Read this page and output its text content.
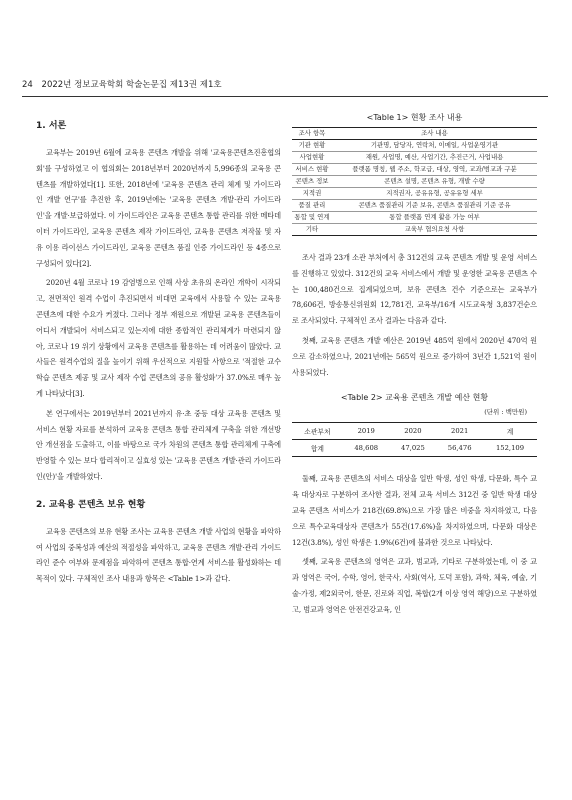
24 2022년 정보교육학회 학술논문집 제13권 제1호
1. 서론

교육부는 2019년 6월에 교육용 콘텐츠 개발을 위해 '교육용콘텐츠진흥협의회'를 구성하였고 이 협의회는 2018년부터 2020년까지 5,996종의 교육용 콘텐츠를 개발하였다[1]. 또한, 2018년에 '교육용 콘텐츠 관리 체계 및 가이드라인 개발 연구'를 추진한 후, 2019년에는 '교육용 콘텐츠 개발·관리 가이드라인'을 개발·보급하였다. 이 가이드라인은 교육용 콘텐츠 통합 관리를 위한 메타데이터 가이드라인, 교육용 콘텐츠 제작 가이드라인, 교육용 콘텐츠 저작물 및 자유 이용 라이선스 가이드라인, 교육용 콘텐츠 품질 인증 가이드라인 등 4종으로 구성되어 있다[2].

2020년 4월 코로나 19 감염병으로 인해 사상 초유의 온라인 개학이 시작되고, 전면적인 원격 수업이 추진되면서 비대면 교육에서 사용할 수 있는 교육용 콘텐츠에 대한 수요가 커졌다. 그러나 정부 재원으로 개발된 교육용 콘텐츠들이 어디서 개발되어 서비스되고 있는지에 대한 종합적인 관리체계가 마련되지 않아, 코로나 19 위기 상황에서 교육용 콘텐츠를 활용하는 데 어려움이 많았다. 교사들은 원격수업의 질을 높이기 위해 우선적으로 지원할 사항으로 '적절한 교수학습 콘텐츠 제공 및 교사 제작 수업 콘텐츠의 공유 활성화'가 37.0%로 매우 높게 나타났다[3].

본 연구에서는 2019년부터 2021년까지 유·초 중등 대상 교육용 콘텐츠 및 서비스 현황 자료를 분석하여 교육용 콘텐츠 통합 관리체계 구축을 위한 개선방안 개선점을 도출하고, 이를 바탕으로 국가 차원의 콘텐츠 통합 관리체계 구축에 반영할 수 있는 보다 합리적이고 실효성 있는 '교육용 콘텐츠 개발·관리 가이드라인(안)'을 개발하였다.

2. 교육용 콘텐츠 보유 현황

교육용 콘텐츠의 보유 현황 조사는 교육용 콘텐츠 개발 사업의 현황을 파악하여 사업의 중복성과 예산의 적절성을 파악하고, 교육용 콘텐츠 개발·관리 가이드라인 준수 여부와 문제점을 파악하여 콘텐츠 통합·연계 서비스를 활성화하는 데 목적이 있다. 구체적인 조사 내용과 항목은 <Table 1>과 같다.

<Table 1> 현황 조사 내용
조사 항목	조사 내용
기관 현황	기관명, 담당자, 연락처, 이메일, 사업운영기관
사업현황	재원, 사업명, 예산, 사업기간, 추진근거, 사업내용
서비스 현황	플랫폼 명칭, 웹 주소, 학교급, 대상, 영역, 교과/범교과 구분
콘텐츠 정보	콘텐츠 설명, 콘텐츠 유형, 개발 수량
지적권	지적권자, 공유유형, 공유유형 세부
품질 관리	콘텐츠 품질관리 기준 보유, 콘텐츠 품질관리 기준 공유
통합 및 연계	통합 플랫폼 연계 활용 가능 여부
기타	교육부 협의요청 사항

조사 결과 23개 소관 부처에서 총 312건의 교육 콘텐츠 개발 및 운영 서비스를 진행하고 있었다. 312건의 교육 서비스에서 개발 및 운영한 교육용 콘텐츠 수는 100,480건으로 집계되었으며, 보유 콘텐츠 건수 기준으로는 교육부가 78,606건, 방송통신위원회 12,781건, 교육부/16개 시도교육청 3,837건순으로 조사되었다. 구체적인 조사 결과는 다음과 같다.

첫째, 교육용 콘텐츠 개발 예산은 2019년 485억 원에서 2020년 470억 원으로 감소하였으나, 2021년에는 565억 원으로 증가하여 3년간 1,521억 원이 사용되었다.

<Table 2> 교육용 콘텐츠 개발 예산 현황
(단위 : 백만원)
소관부처	2019	2020	2021	계
합계	48,608	47,025	56,476	152,109

둘째, 교육용 콘텐츠의 서비스 대상을 일반 학생, 성인 학생, 다문화, 특수 교육 대상자로 구분하여 조사한 결과, 전체 교육 서비스 312건 중 일반 학생 대상 교육 콘텐츠 서비스가 218건(69.8%)으로 가장 많은 비중을 차지하였고, 다음으로 특수교육대상자 콘텐츠가 55건(17.6%)을 차지하였으며, 다문화 대상은 12건(3.8%), 성인 학생은 1.9%(6건)에 불과한 것으로 나타났다.

셋째, 교육용 콘텐츠의 영역은 교과, 범교과, 기타로 구분하였는데, 이 중 교과 영역은 국어, 수학, 영어, 한국사, 사회(역사, 도덕 포함), 과학, 체육, 예술, 기술·가정, 제2외국어, 한문, 진로와 직업, 복합(2개 이상 영역 해당)으로 구분하였고, 범교과 영역은 안전건강교육, 인
